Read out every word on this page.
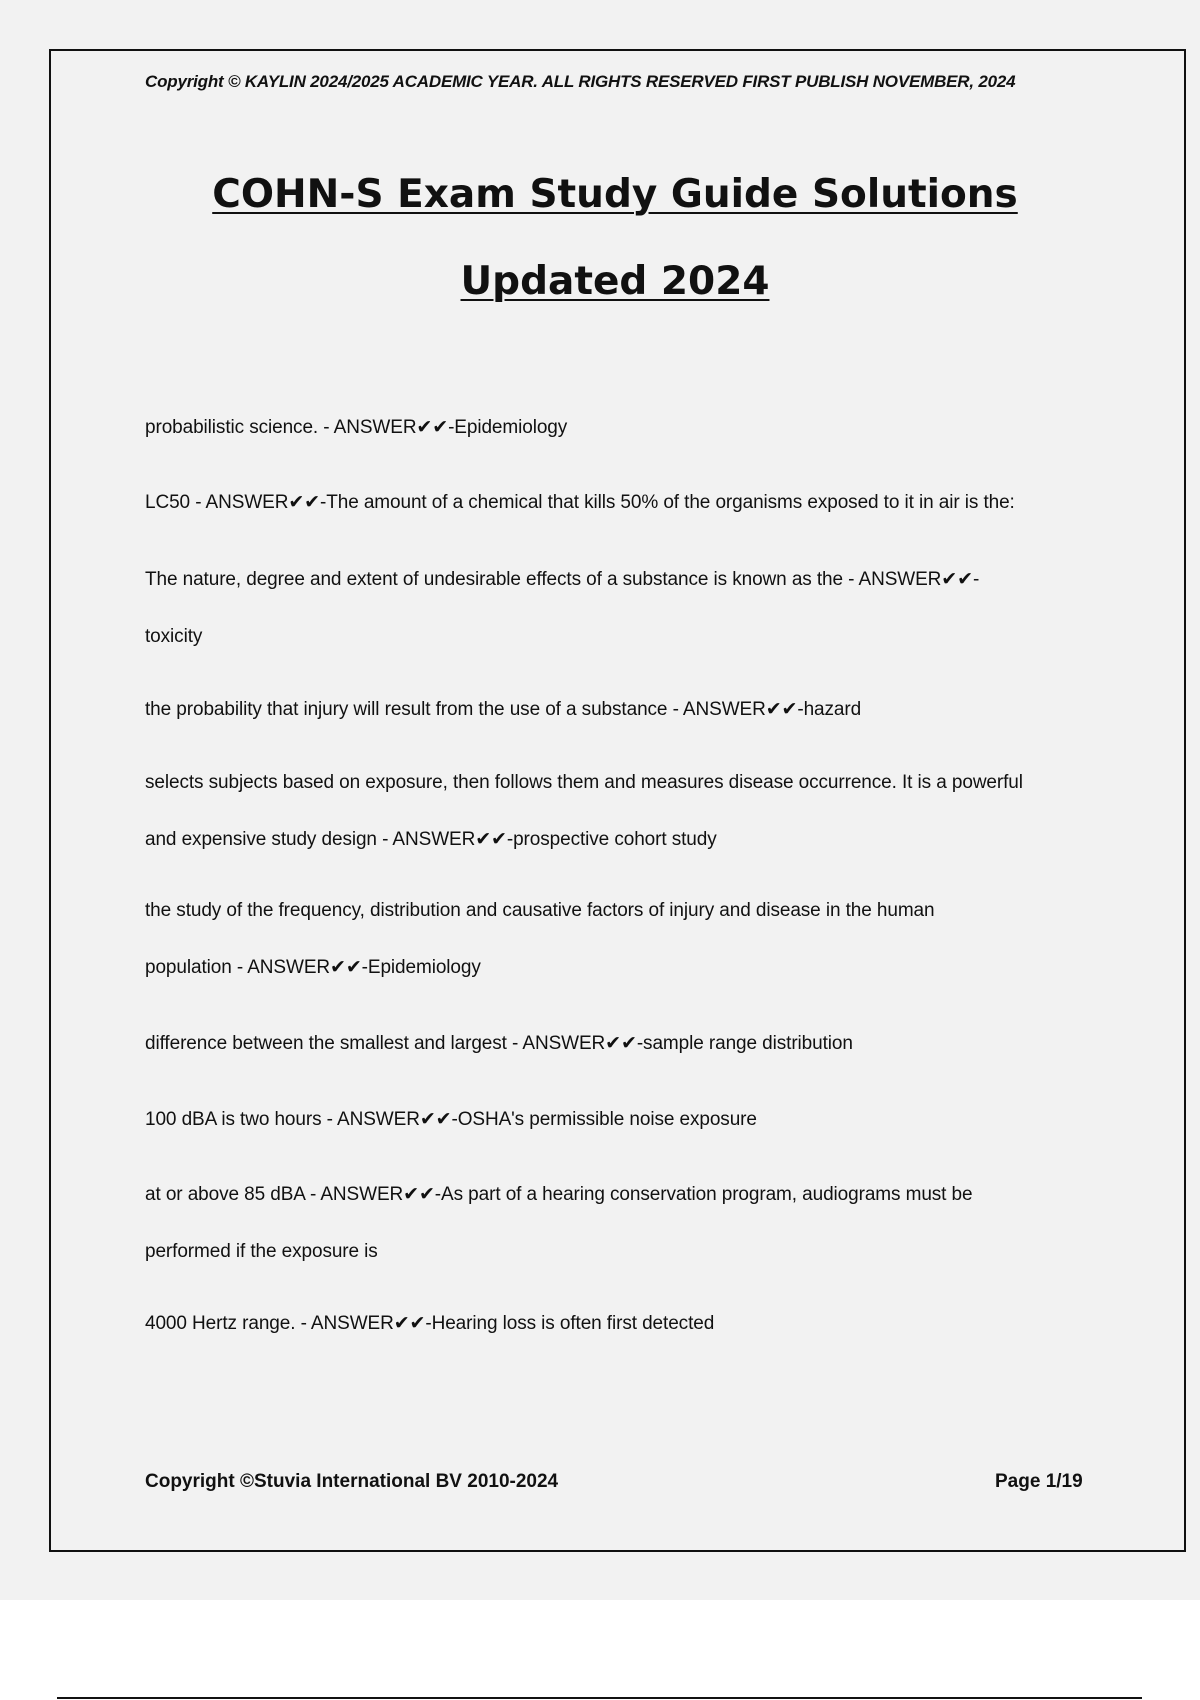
Copyright © KAYLIN 2024/2025 ACADEMIC YEAR. ALL RIGHTS RESERVED FIRST PUBLISH NOVEMBER, 2024
COHN-S Exam Study Guide Solutions
Updated 2024
probabilistic science. - ANSWER✔✔-Epidemiology
LC50 - ANSWER✔✔-The amount of a chemical that kills 50% of the organisms exposed to it in air is the:
The nature, degree and extent of undesirable effects of a substance is known as the - ANSWER✔✔-
toxicity
the probability that injury will result from the use of a substance - ANSWER✔✔-hazard
selects subjects based on exposure, then follows them and measures disease occurrence. It is a powerful
and expensive study design - ANSWER✔✔-prospective cohort study
the study of the frequency, distribution and causative factors of injury and disease in the human
population - ANSWER✔✔-Epidemiology
difference between the smallest and largest - ANSWER✔✔-sample range distribution
100 dBA is two hours - ANSWER✔✔-OSHA's permissible noise exposure
at or above 85 dBA - ANSWER✔✔-As part of a hearing conservation program, audiograms must be
performed if the exposure is
4000 Hertz range. - ANSWER✔✔-Hearing loss is often first detected
Copyright ©Stuvia International BV 2010-2024	Page 1/19
